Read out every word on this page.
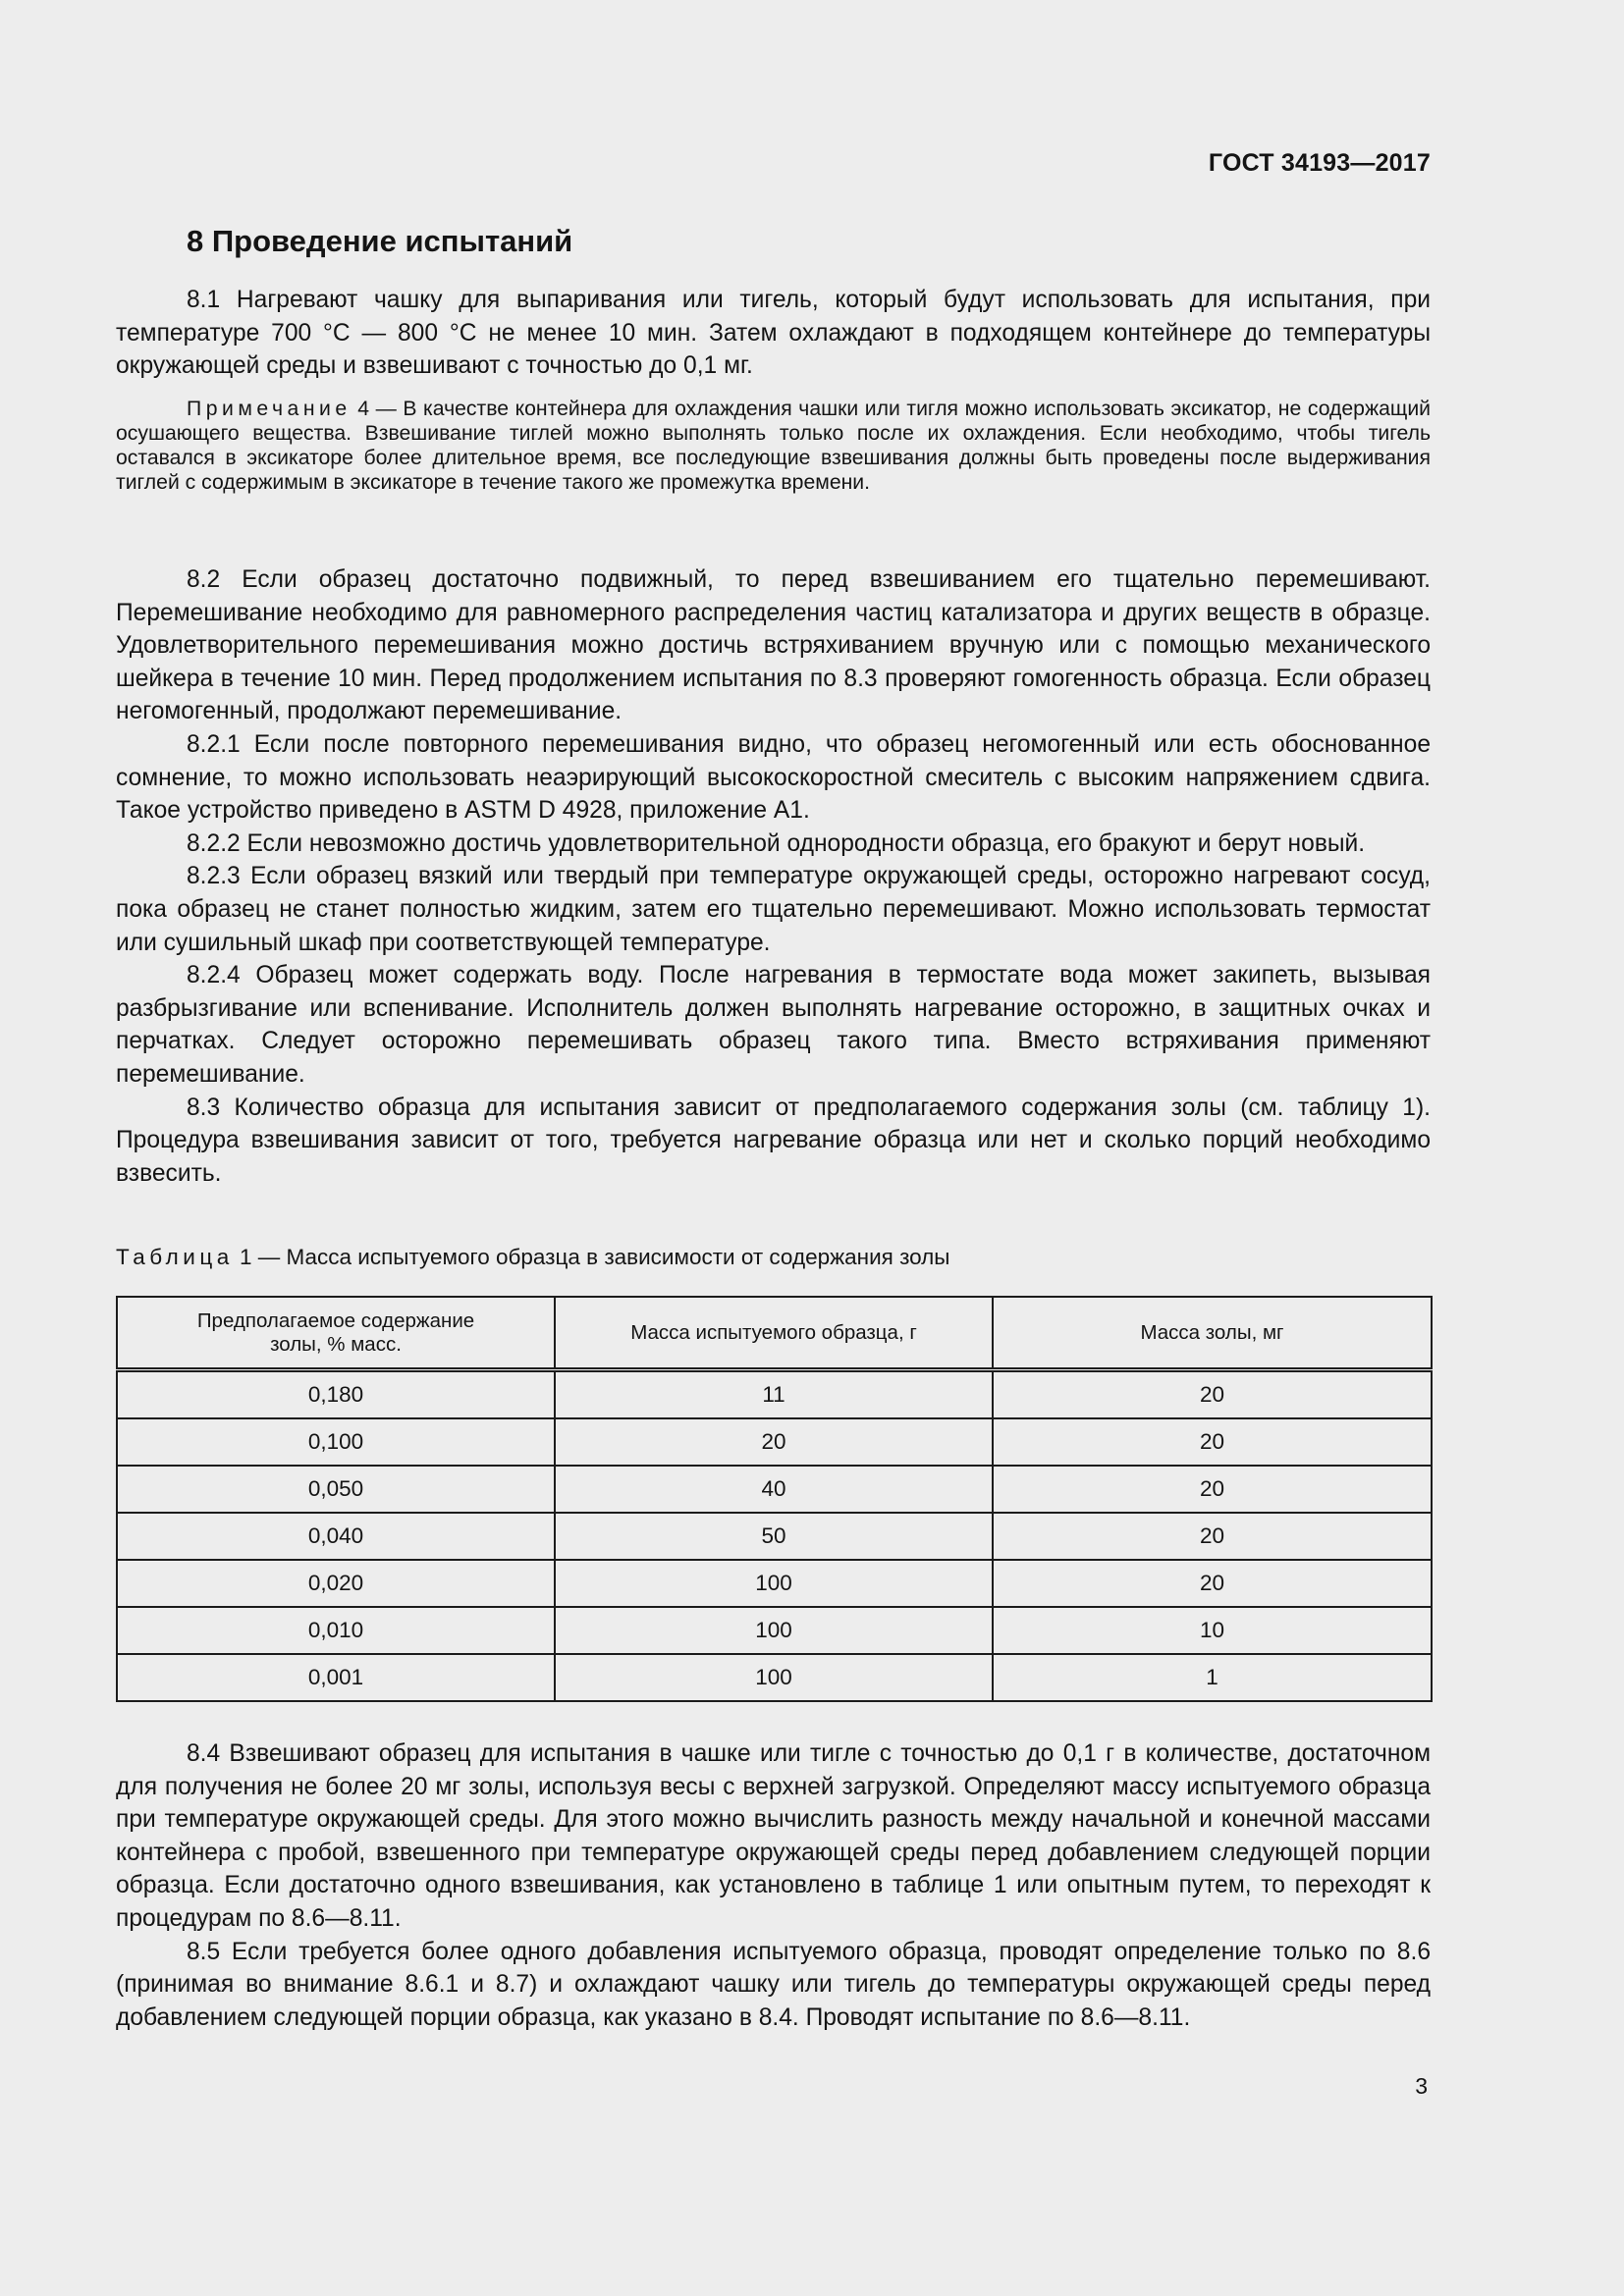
ГОСТ 34193—2017
8 Проведение испытаний

8.1 Нагревают чашку для выпаривания или тигель, который будут использовать для испытания, при температуре 700 °С — 800 °С не менее 10 мин. Затем охлаждают в подходящем контейнере до температуры окружающей среды и взвешивают с точностью до 0,1 мг.

Примечание 4 — В качестве контейнера для охлаждения чашки или тигля можно использовать эксикатор, не содержащий осушающего вещества. Взвешивание тиглей можно выполнять только после их охлаждения. Если необходимо, чтобы тигель оставался в эксикаторе более длительное время, все последующие взвешивания должны быть проведены после выдерживания тиглей с содержимым в эксикаторе в течение такого же промежутка времени.

8.2 Если образец достаточно подвижный, то перед взвешиванием его тщательно перемешивают. Перемешивание необходимо для равномерного распределения частиц катализатора и других веществ в образце. Удовлетворительного перемешивания можно достичь встряхиванием вручную или с помощью механического шейкера в течение 10 мин. Перед продолжением испытания по 8.3 проверяют гомогенность образца. Если образец негомогенный, продолжают перемешивание.

8.2.1 Если после повторного перемешивания видно, что образец негомогенный или есть обоснованное сомнение, то можно использовать неаэрирующий высокоскоростной смеситель с высоким напряжением сдвига. Такое устройство приведено в ASTM D 4928, приложение А1.

8.2.2 Если невозможно достичь удовлетворительной однородности образца, его бракуют и берут новый.

8.2.3 Если образец вязкий или твердый при температуре окружающей среды, осторожно нагревают сосуд, пока образец не станет полностью жидким, затем его тщательно перемешивают. Можно использовать термостат или сушильный шкаф при соответствующей температуре.

8.2.4 Образец может содержать воду. После нагревания в термостате вода может закипеть, вызывая разбрызгивание или вспенивание. Исполнитель должен выполнять нагревание осторожно, в защитных очках и перчатках. Следует осторожно перемешивать образец такого типа. Вместо встряхивания применяют перемешивание.

8.3 Количество образца для испытания зависит от предполагаемого содержания золы (см. таблицу 1). Процедура взвешивания зависит от того, требуется нагревание образца или нет и сколько порций необходимо взвесить.

Таблица 1 — Масса испытуемого образца в зависимости от содержания золы
Предполагаемое содержание золы, % масс.	Масса испытуемого образца, г	Масса золы, мг
0,180	11	20
0,100	20	20
0,050	40	20
0,040	50	20
0,020	100	20
0,010	100	10
0,001	100	1

8.4 Взвешивают образец для испытания в чашке или тигле с точностью до 0,1 г в количестве, достаточном для получения не более 20 мг золы, используя весы с верхней загрузкой. Определяют массу испытуемого образца при температуре окружающей среды. Для этого можно вычислить разность между начальной и конечной массами контейнера с пробой, взвешенного при температуре окружающей среды перед добавлением следующей порции образца. Если достаточно одного взвешивания, как установлено в таблице 1 или опытным путем, то переходят к процедурам по 8.6—8.11.

8.5 Если требуется более одного добавления испытуемого образца, проводят определение только по 8.6 (принимая во внимание 8.6.1 и 8.7) и охлаждают чашку или тигель до температуры окружающей среды перед добавлением следующей порции образца, как указано в 8.4. Проводят испытание по 8.6—8.11.

3
